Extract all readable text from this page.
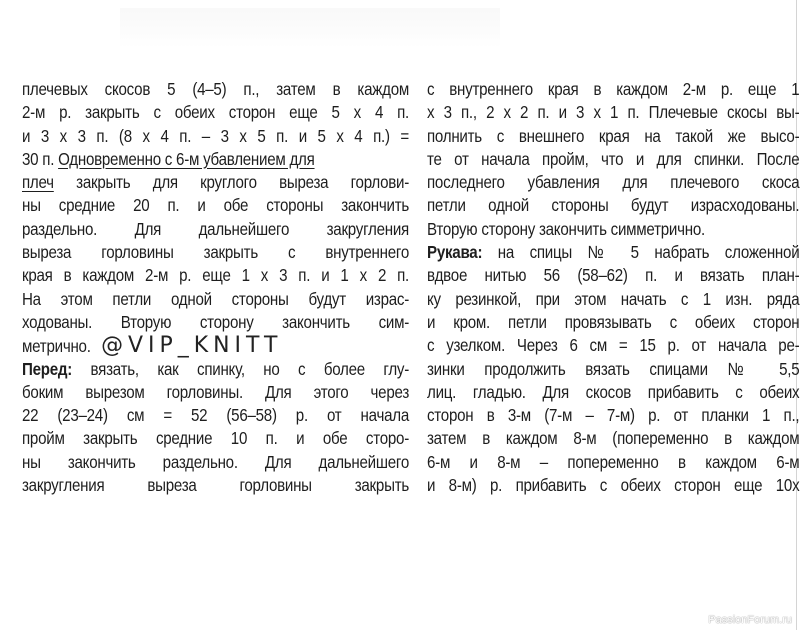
плечевых скосов 5 (4–5) п., затем в каждом
2-м р. закрыть с обеих сторон еще 5 х 4 п.
и 3 х 3 п. (8 х 4 п. – 3 х 5 п. и 5 х 4 п.) =
30 п. Одновременно с 6-м убавлением для
плеч закрыть для круглого выреза горлови-
ны средние 20 п. и обе стороны закончить
раздельно. Для дальнейшего закругления
выреза горловины закрыть с внутреннего
края в каждом 2-м р. еще 1 х 3 п. и 1 х 2 п.
На этом петли одной стороны будут израс-
ходованы. Вторую сторону закончить сим-
метрично. @VIP_KNITT
Перед: вязать, как спинку, но с более глу-
боким вырезом горловины. Для этого через
22 (23–24) см = 52 (56–58) р. от начала
пройм закрыть средние 10 п. и обе сторо-
ны закончить раздельно. Для дальнейшего
закругления выреза горловины закрыть
с внутреннего края в каждом 2-м р. еще 1
х 3 п., 2 х 2 п. и 3 х 1 п. Плечевые скосы вы-
полнить с внешнего края на такой же высо-
те от начала пройм, что и для спинки. После
последнего убавления для плечевого скоса
петли одной стороны будут израсходованы.
Вторую сторону закончить симметрично.
Рукава: на спицы № 5 набрать сложенной
вдвое нитью 56 (58–62) п. и вязать план-
ку резинкой, при этом начать с 1 изн. ряда
и кром. петли провязывать с обеих сторон
с узелком. Через 6 см = 15 р. от начала ре-
зинки продолжить вязать спицами № 5,5
лиц. гладью. Для скосов прибавить с обеих
сторон в 3-м (7-м – 7-м) р. от планки 1 п.,
затем в каждом 8-м (попеременно в каждом
6-м и 8-м – попеременно в каждом 6-м
и 8-м) р. прибавить с обеих сторон еще 10х
PassionForum.ru
